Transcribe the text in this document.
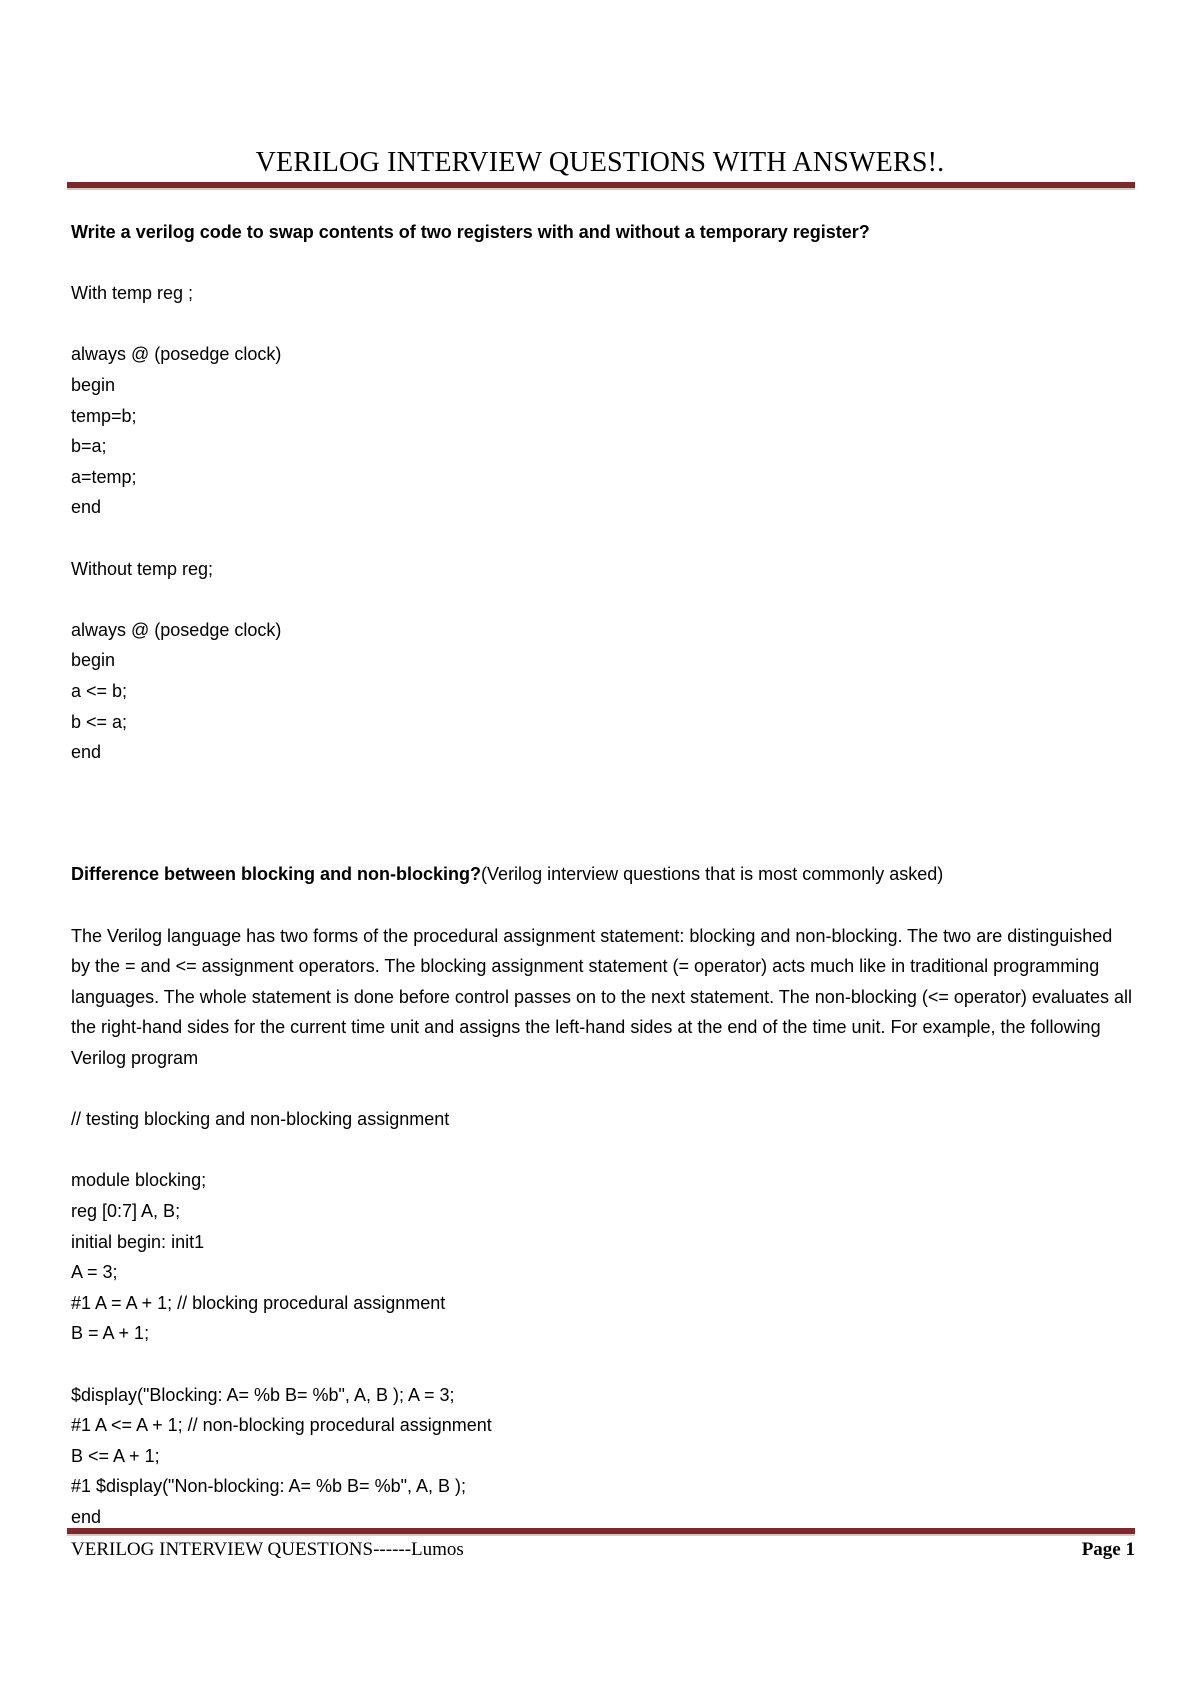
VERILOG INTERVIEW QUESTIONS WITH ANSWERS!.
Write a verilog code to swap contents of two registers with and without a temporary register?
With temp reg ;
always @ (posedge clock)
begin
temp=b;
b=a;
a=temp;
end
Without temp reg;
always @ (posedge clock)
begin
a <= b;
b <= a;
end
Difference between blocking and non-blocking?(Verilog interview questions that is most commonly asked)
The Verilog language has two forms of the procedural assignment statement: blocking and non-blocking. The two are distinguished by the = and <= assignment operators. The blocking assignment statement (= operator) acts much like in traditional programming languages. The whole statement is done before control passes on to the next statement. The non-blocking (<= operator) evaluates all the right-hand sides for the current time unit and assigns the left-hand sides at the end of the time unit. For example, the following Verilog program
// testing blocking and non-blocking assignment
module blocking;
reg [0:7] A, B;
initial begin: init1
A = 3;
#1 A = A + 1; // blocking procedural assignment
B = A + 1;
$display("Blocking: A= %b B= %b", A, B ); A = 3;
#1 A <= A + 1; // non-blocking procedural assignment
B <= A + 1;
#1 $display("Non-blocking: A= %b B= %b", A, B );
end
VERILOG INTERVIEW QUESTIONS------Lumos	Page 1
